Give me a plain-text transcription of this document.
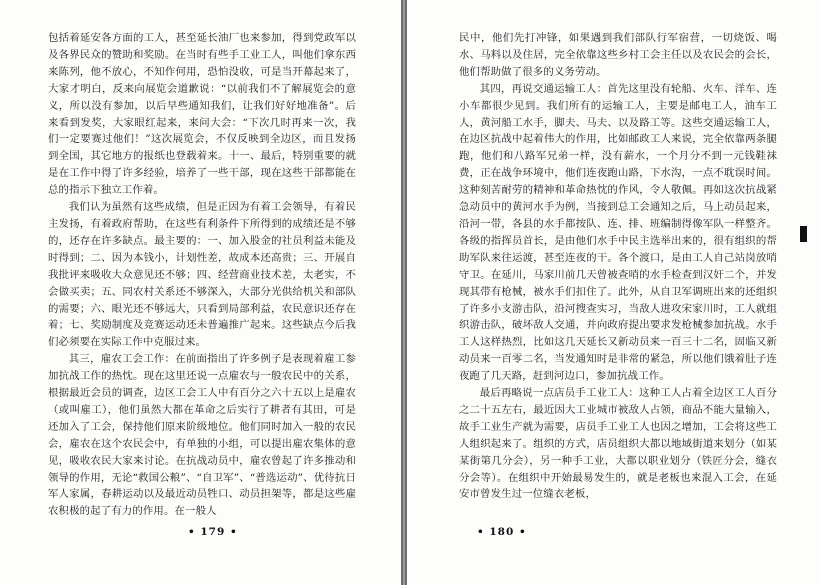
包括着延安各方面的工人，甚至延长油厂也来参加，得到党政军以及各界民众的赞助和奖励。在当时有些手工业工人，叫他们拿东西来陈列，他不放心，不知作何用，恐怕没收，可是当开幕起来了，大家才明白，反来向展览会道歉说：“以前我们不了解展览会的意义，所以没有参加，以后早些通知我们，让我们好好地准备”。后来看到发奖，大家眼红起来，来问大会：“下次几时再来一次，我们一定要赛过他们！”这次展览会，不仅反映到全边区，而且发扬到全国，其它地方的报纸也登载着来。十一、最后，特别重要的就是在工作中得了许多经验，培养了一些干部，现在这些干部都能在总的指示下独立工作着。

我们认为虽然有这些成绩，但是正因为有着工会领导，有着民主发扬，有着政府帮助，在这些有利条件下所得到的成绩还是不够的，还存在许多缺点。最主要的：一、加入股金的社员利益未能及时得到；二、因为本钱小，计划性差，故成本还高贵；三、开展自我批评来吸收大众意见还不够；四、经营商业技术差，太老实，不会做买卖；五、同农村关系还不够深入，大部分光供给机关和部队的需要；六、眼光还不够远大，只看到局部利益，农民意识还存在着；七、奖励制度及竞赛运动还未普遍推广起来。这些缺点今后我们必须要在实际工作中克服过来。

其三，雇农工会工作：在前面指出了许多例子是表现着雇工参加抗战工作的热忱。现在这里还说一点雇农与一般农民中的关系，根据最近会员的调查，边区工会工人中有百分之六十五以上是雇农（或叫雇工），他们虽然大都在革命之后实行了耕者有其田，可是还加入了工会，保持他们原来阶级地位。他们同时加入一般的农民会，雇农在这个农民会中，有单独的小组，可以提出雇农集体的意见，吸收农民大家来讨论。在抗战动员中，雇农曾起了许多推动和领导的作用，无论“救国公粮”、“自卫军”、“普选运动”、优待抗日军人家属，春耕运动以及最近动员牲口、动员担架等，都是这些雇农积极的起了有力的作用。在一般人

• 179 •

民中，他们先打冲锋，如果遇到我们部队行军宿营，一切烧饭、喝水、马料以及住居，完全依靠这些乡村工会主任以及农民会的会长，他们帮助做了很多的义务劳动。

其四，再说交通运输工人：首先这里没有轮船、火车、洋车、连小车都很少见到。我们所有的运输工人，主要是邮电工人，油车工人，黄河船工水手，脚夫、马夫、以及路工等。这些交通运输工人，在边区抗战中起着伟大的作用，比如邮政工人来说，完全依靠两条腿跑，他们和八路军兄弟一样，没有薪水，一个月分不到一元钱鞋袜费，正在战争环境中，他们连夜跑山路，下水沟，一点不耽误时间。这种刻苦耐劳的精神和革命热忱的作风，令人敬佩。再如这次抗战紧急动员中的黄河水手为例，当接到总工会通知之后，马上动员起来，沿河一带，各县的水手都按队、连、排、班编制得像军队一样整齐。各级的指挥员首长，是由他们水手中民主选举出来的，很有组织的帮助军队来往运渡，甚至连夜的干。各个渡口，是由工人自己站岗放哨守卫。在延川，马家川前几天曾被查哨的水手检查到汉奸二个，并发现其带有枪械，被水手们扣住了。此外，从自卫军调班出来的还组织了许多小支游击队，沿河搜查实习，当敌人进攻宋家川时，工人就组织游击队，破坏敌人交通，并向政府提出要求发枪械参加抗战。水手工人这样热烈，比如这几天延长又新动员来一百三十二名，固临又新动员来一百零二名，当发通知时是非常的紧急，所以他们饿着肚子连夜跑了几天路，赶到河边口，参加抗战工作。

最后再略说一点店员手工业工人：这种工人占着全边区工人百分之二十五左右，最近因大工业城市被敌人占领，商品不能大量输入，故手工业生产就为需要，店员手工业工人也因之增加，工会将这些工人组织起来了。组织的方式，店员组织大都以地域街道来划分（如某某街第几分会），另一种手工业，大都以职业划分（铁匠分会，缝衣分会等）。在组织中开始最易发生的，就是老板也来混入工会，在延安市曾发生过一位缝衣老板，

• 180 •
